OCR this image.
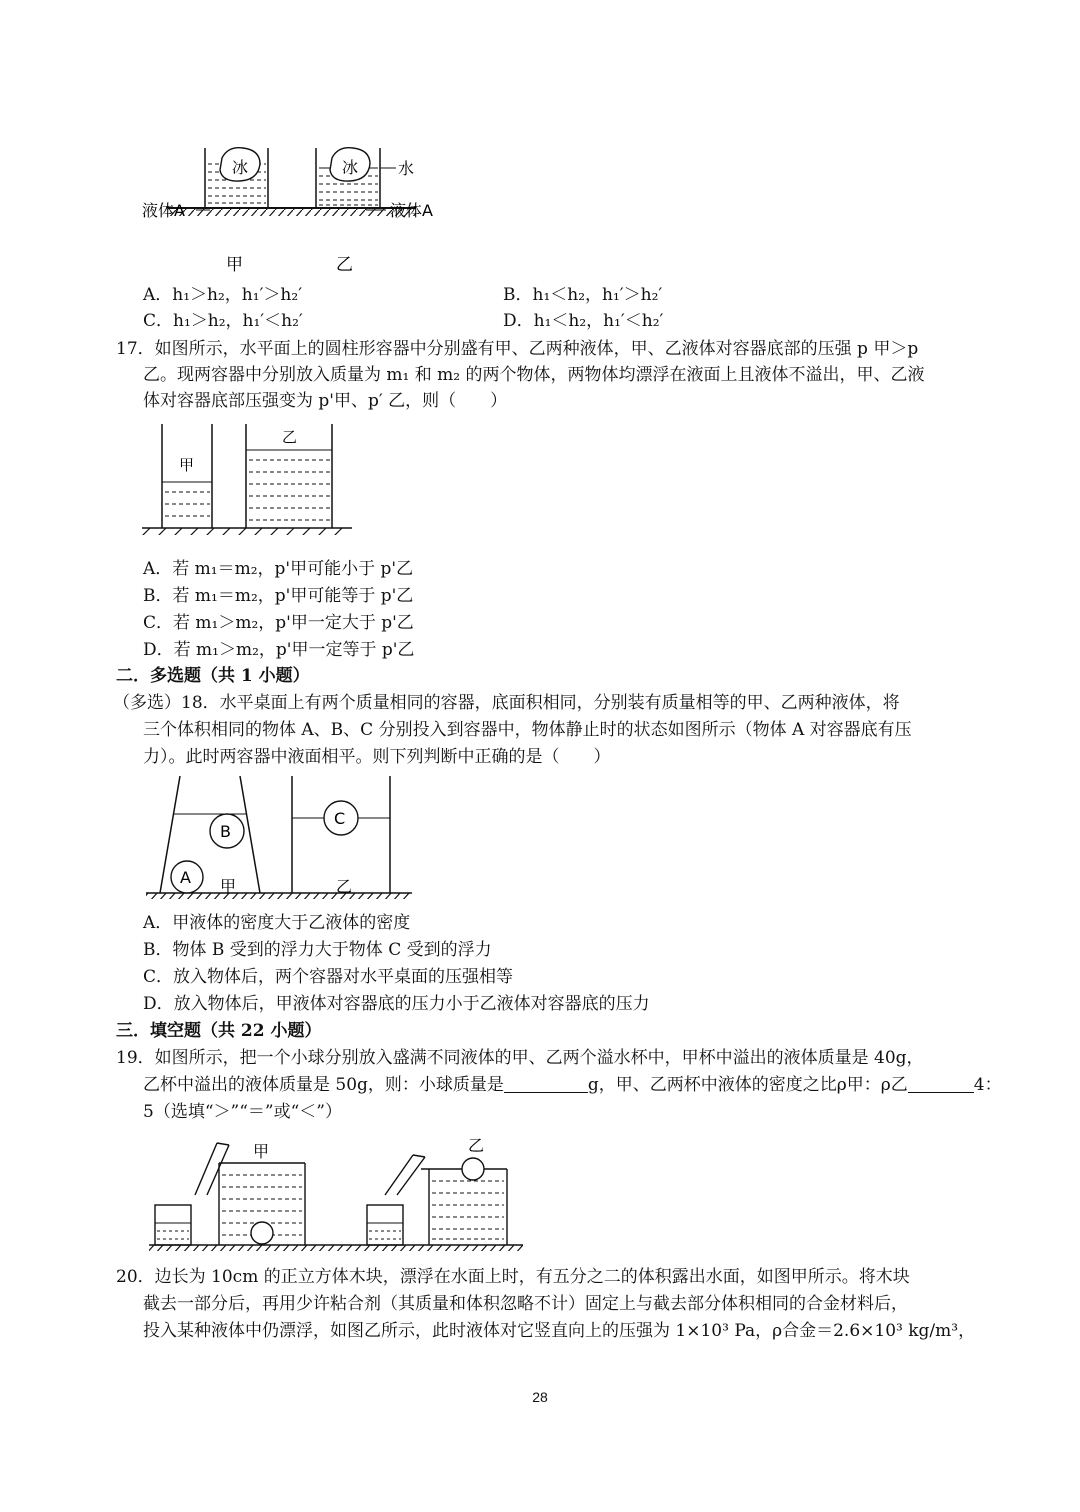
冰	冰 水
液体A	液体A
甲	乙
A．h₁＞h₂，h₁′＞h₂′	B．h₁＜h₂，h₁′＞h₂′
C．h₁＞h₂，h₁′＜h₂′	D．h₁＜h₂，h₁′＜h₂′
17．如图所示，水平面上的圆柱形容器中分别盛有甲、乙两种液体，甲、乙液体对容器底部的压强 p 甲＞p
乙。现两容器中分别放入质量为 m₁ 和 m₂ 的两个物体，两物体均漂浮在液面上且液体不溢出，甲、乙液
体对容器底部压强变为 p'甲、p′ 乙，则（　　）
甲
乙
A．若 m₁＝m₂，p'甲可能小于 p'乙
B．若 m₁＝m₂，p'甲可能等于 p'乙
C．若 m₁＞m₂，p'甲一定大于 p'乙
D．若 m₁＞m₂，p'甲一定等于 p'乙
二．多选题（共 1 小题）
（多选）18．水平桌面上有两个质量相同的容器，底面积相同，分别装有质量相等的甲、乙两种液体，将
三个体积相同的物体 A、B、C 分别投入到容器中，物体静止时的状态如图所示（物体 A 对容器底有压
力）。此时两容器中液面相平。则下列判断中正确的是（　　）
B
A 甲
C
乙
A．甲液体的密度大于乙液体的密度
B．物体 B 受到的浮力大于物体 C 受到的浮力
C．放入物体后，两个容器对水平桌面的压强相等
D．放入物体后，甲液体对容器底的压力小于乙液体对容器底的压力
三．填空题（共 22 小题）
19．如图所示，把一个小球分别放入盛满不同液体的甲、乙两个溢水杯中，甲杯中溢出的液体质量是 40g，
乙杯中溢出的液体质量是 50g，则：小球质量是	g，甲、乙两杯中液体的密度之比ρ甲：ρ乙	4：
5（选填“＞”“＝”或“＜”）
甲	乙
20．边长为 10cm 的正立方体木块，漂浮在水面上时，有五分之二的体积露出水面，如图甲所示。将木块
截去一部分后，再用少许粘合剂（其质量和体积忽略不计）固定上与截去部分体积相同的合金材料后，
投入某种液体中仍漂浮，如图乙所示，此时液体对它竖直向上的压强为 1×10³ Pa，ρ合金＝2.6×10³ kg/m³，
28
